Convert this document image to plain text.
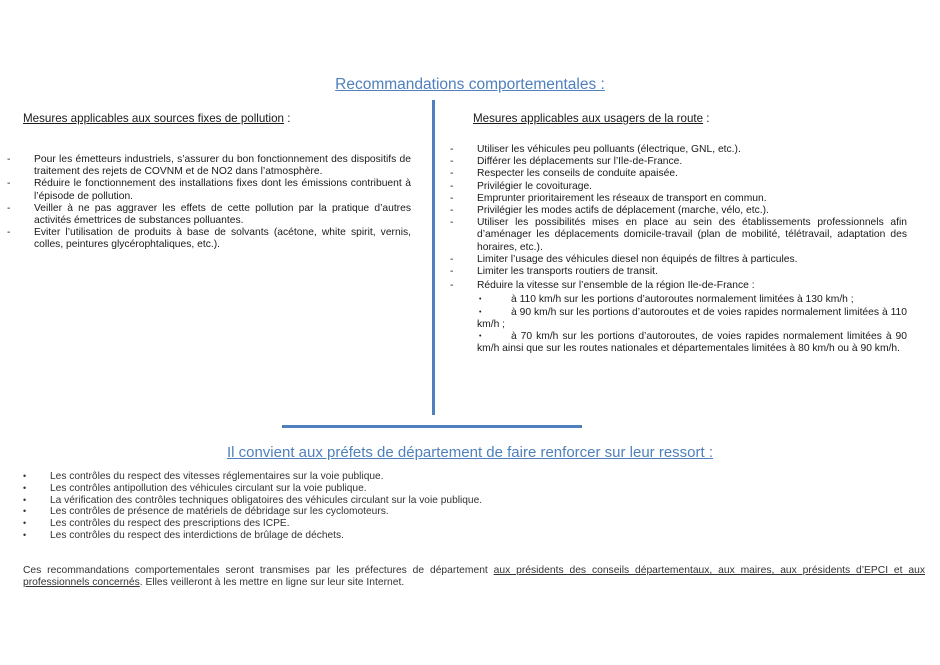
Recommandations comportementales :
Mesures applicables aux sources fixes de pollution :
- Pour les émetteurs industriels, s’assurer du bon fonctionnement des dispositifs de traitement des rejets de COVNM et de NO2 dans l’atmosphère.
- Réduire le fonctionnement des installations fixes dont les émissions contribuent à l’épisode de pollution.
- Veiller à ne pas aggraver les effets de cette pollution par la pratique d’autres activités émettrices de substances polluantes.
- Eviter l’utilisation de produits à base de solvants (acétone, white spirit, vernis, colles, peintures glycérophtaliques, etc.).
Mesures applicables aux usagers de la route :
- Utiliser les véhicules peu polluants (électrique, GNL, etc.).
- Différer les déplacements sur l’Ile-de-France.
- Respecter les conseils de conduite apaisée.
- Privilégier le covoiturage.
- Emprunter prioritairement les réseaux de transport en commun.
- Privilégier les modes actifs de déplacement (marche, vélo, etc.).
- Utiliser les possibilités mises en place au sein des établissements professionnels afin d’aménager les déplacements domicile-travail (plan de mobilité, télétravail, adaptation des horaires, etc.).
- Limiter l’usage des véhicules diesel non équipés de filtres à particules.
- Limiter les transports routiers de transit.
- Réduire la vitesse sur l’ensemble de la région Ile-de-France :
•	à 110 km/h sur les portions d’autoroutes normalement limitées à 130 km/h ;
•	à 90 km/h sur les portions d’autoroutes et de voies rapides normalement limitées à 110 km/h ;
•	à 70 km/h sur les portions d’autoroutes, de voies rapides normalement limitées à 90 km/h ainsi que sur les routes nationales et départementales limitées à 80 km/h ou à 90 km/h.
Il convient aux préfets de département de faire renforcer sur leur ressort :
• Les contrôles du respect des vitesses réglementaires sur la voie publique.
• Les contrôles antipollution des véhicules circulant sur la voie publique.
• La vérification des contrôles techniques obligatoires des véhicules circulant sur la voie publique.
• Les contrôles de présence de matériels de débridage sur les cyclomoteurs.
• Les contrôles du respect des prescriptions des ICPE.
• Les contrôles du respect des interdictions de brûlage de déchets.
Ces recommandations comportementales seront transmises par les préfectures de département aux présidents des conseils départementaux, aux maires, aux présidents d’EPCI et aux professionnels concernés. Elles veilleront à les mettre en ligne sur leur site Internet.
